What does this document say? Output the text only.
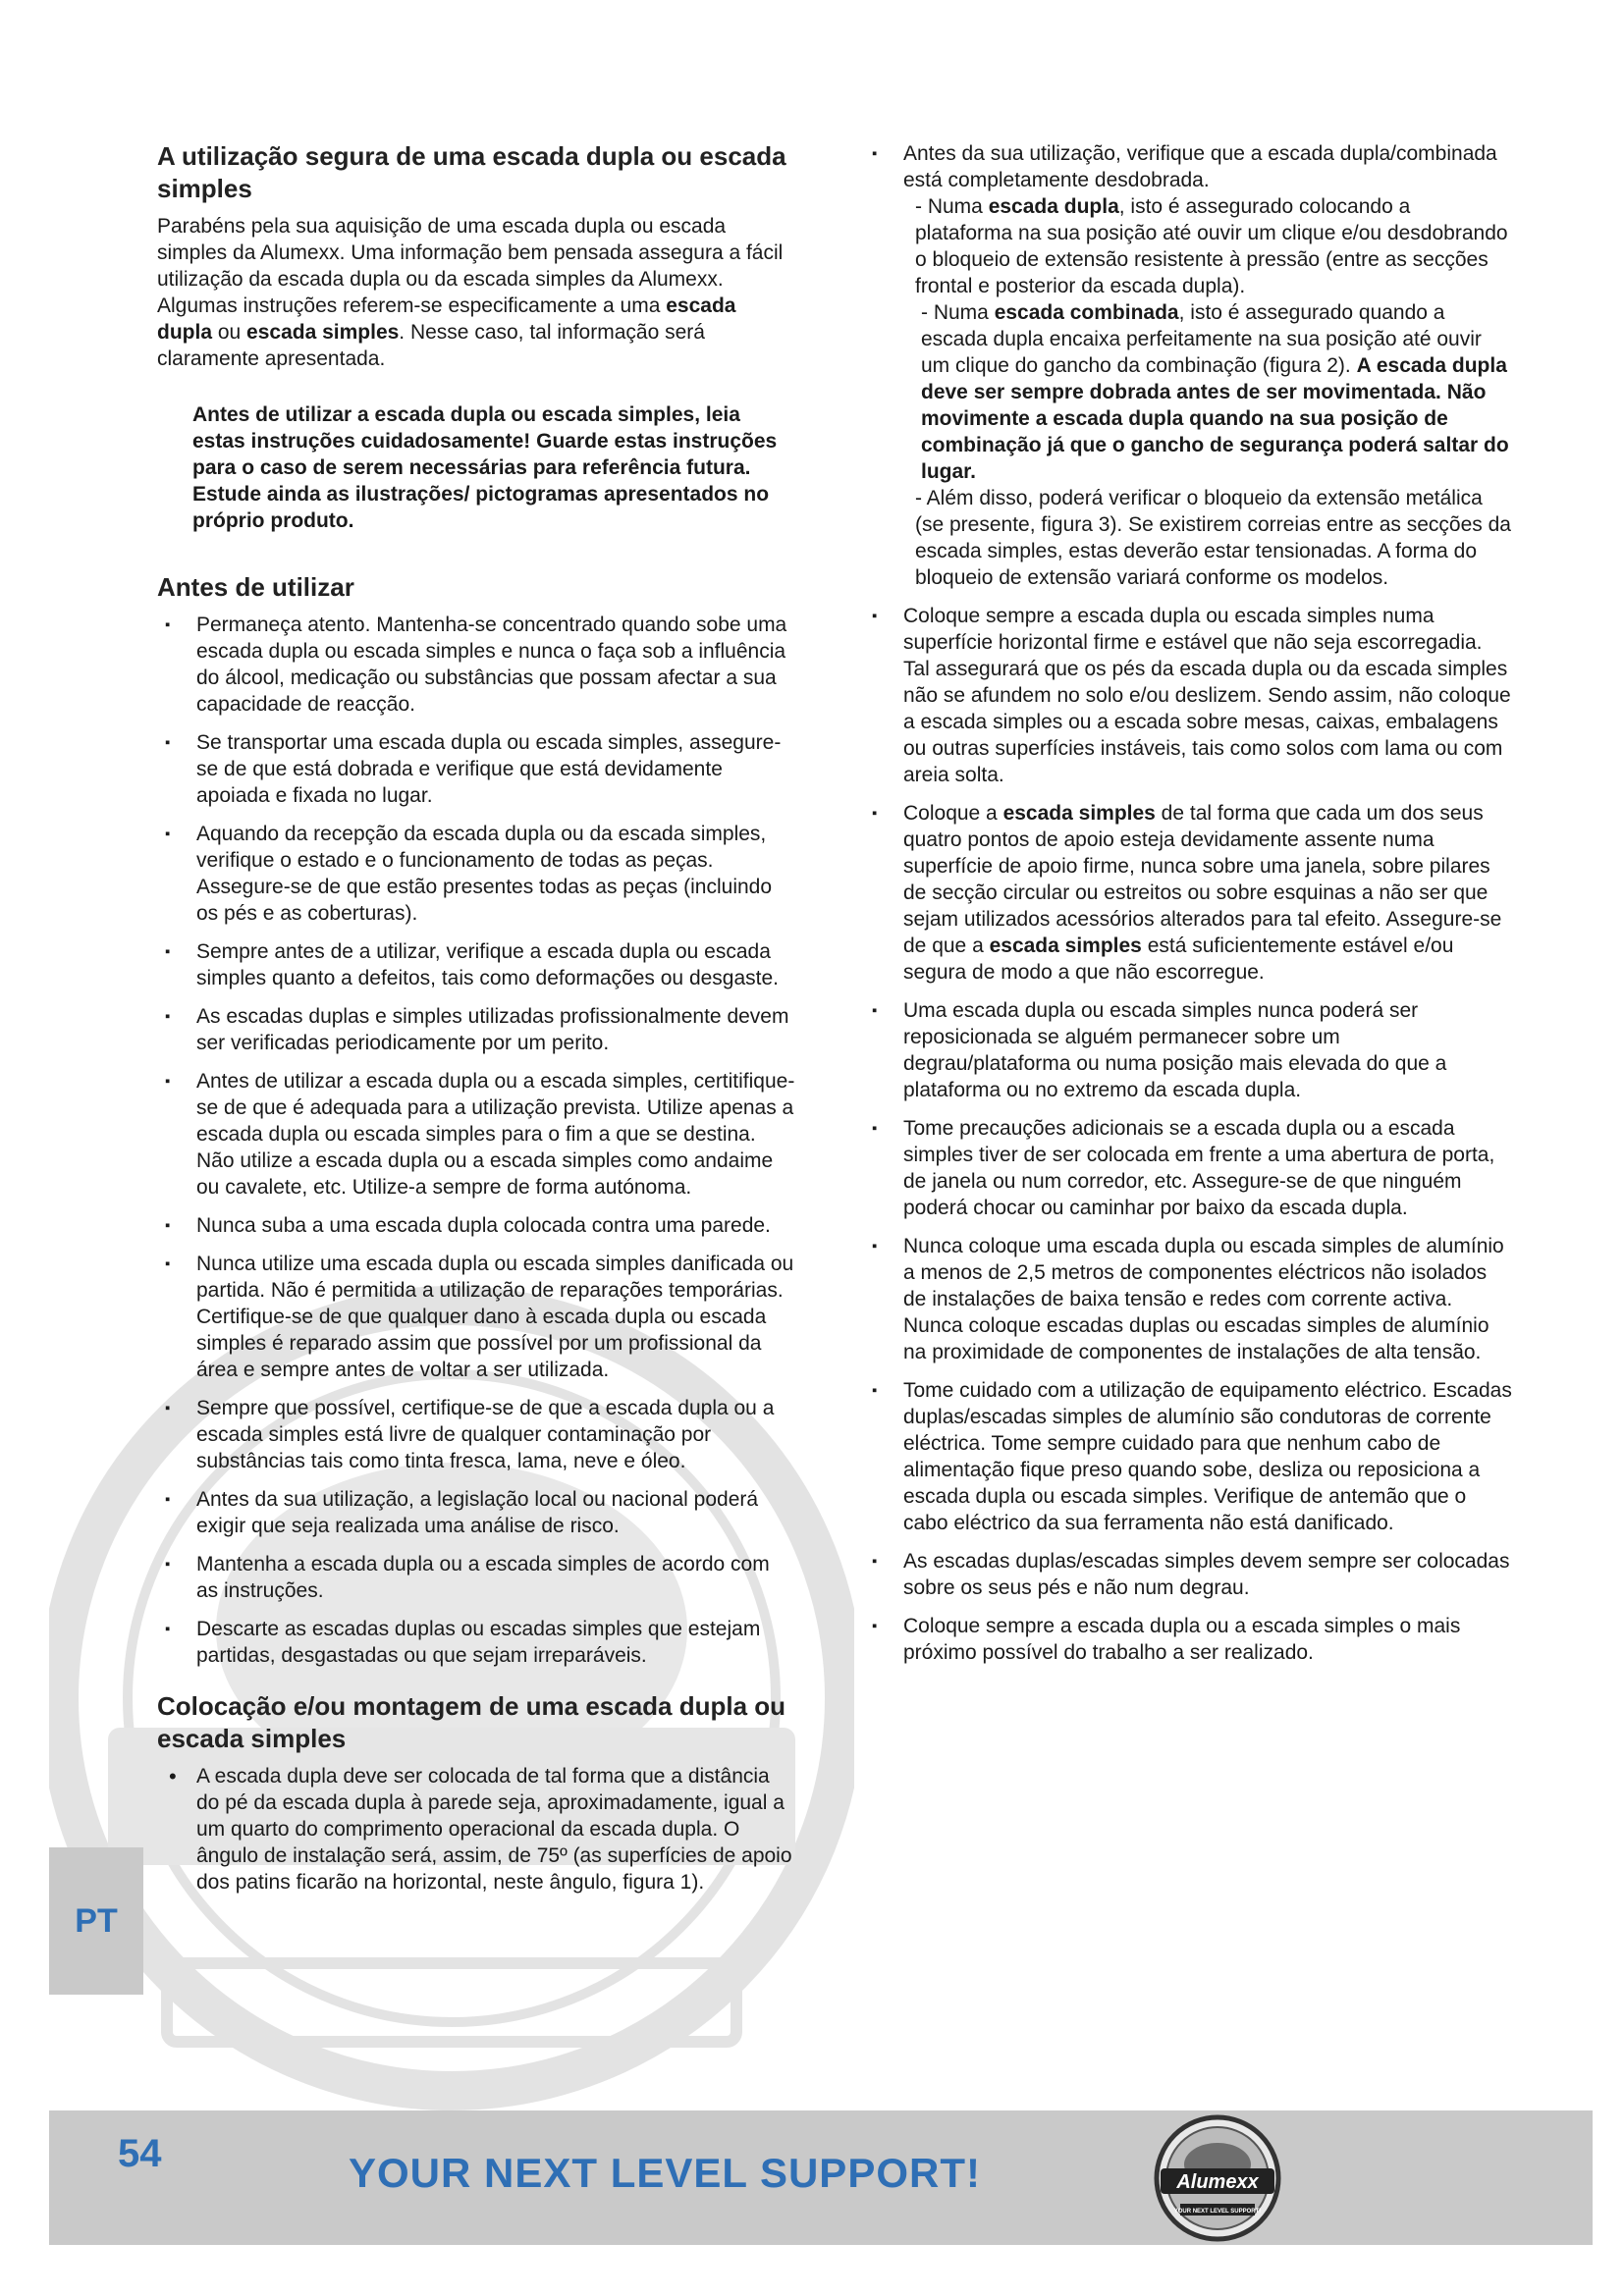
A utilização segura de uma escada dupla ou escada simples

Parabéns pela sua aquisição de uma escada dupla ou escada simples da Alumexx. Uma informação bem pensada assegura a fácil utilização da escada dupla ou da escada simples da Alumexx. Algumas instruções referem-se especificamente a uma escada dupla ou escada simples. Nesse caso, tal informação será claramente apresentada.

Antes de utilizar a escada dupla ou escada simples, leia estas instruções cuidadosamente! Guarde estas instruções para o caso de serem necessárias para referência futura. Estude ainda as ilustrações/ pictogramas apresentados no próprio produto.

Antes de utilizar
▪ Permaneça atento. Mantenha-se concentrado quando sobe uma escada dupla ou escada simples e nunca o faça sob a influência do álcool, medicação ou substâncias que possam afectar a sua capacidade de reacção.
▪ Se transportar uma escada dupla ou escada simples, assegure-se de que está dobrada e verifique que está devidamente apoiada e fixada no lugar.
▪ Aquando da recepção da escada dupla ou da escada simples, verifique o estado e o funcionamento de todas as peças. Assegure-se de que estão presentes todas as peças (incluindo os pés e as coberturas).
▪ Sempre antes de a utilizar, verifique a escada dupla ou escada simples quanto a defeitos, tais como deformações ou desgaste.
▪ As escadas duplas e simples utilizadas profissionalmente devem ser verificadas periodicamente por um perito.
▪ Antes de utilizar a escada dupla ou a escada simples, certitifique-se de que é adequada para a utilização prevista. Utilize apenas a escada dupla ou escada simples para o fim a que se destina. Não utilize a escada dupla ou a escada simples como andaime ou cavalete, etc. Utilize-a sempre de forma autónoma.
▪ Nunca suba a uma escada dupla colocada contra uma parede.
▪ Nunca utilize uma escada dupla ou escada simples danificada ou partida. Não é permitida a utilização de reparações temporárias. Certifique-se de que qualquer dano à escada dupla ou escada simples é reparado assim que possível por um profissional da área e sempre antes de voltar a ser utilizada.
▪ Sempre que possível, certifique-se de que a escada dupla ou a escada simples está livre de qualquer contaminação por substâncias tais como tinta fresca, lama, neve e óleo.
▪ Antes da sua utilização, a legislação local ou nacional poderá exigir que seja realizada uma análise de risco.
▪ Mantenha a escada dupla ou a escada simples de acordo com as instruções.
▪ Descarte as escadas duplas ou escadas simples que estejam partidas, desgastadas ou que sejam irreparáveis.
Colocação e/ou montagem de uma escada dupla ou escada simples
• A escada dupla deve ser colocada de tal forma que a distância do pé da escada dupla à parede seja, aproximadamente, igual a um quarto do comprimento operacional da escada dupla. O ângulo de instalação será, assim, de 75º (as superfícies de apoio dos patins ficarão na horizontal, neste ângulo, figura 1).
▪ Antes da sua utilização, verifique que a escada dupla/combinada está completamente desdobrada.

- Numa escada dupla, isto é assegurado colocando a plataforma na sua posição até ouvir um clique e/ou desdobrando o bloqueio de extensão resistente à pressão (entre as secções frontal e posterior da escada dupla).

- Numa escada combinada, isto é assegurado quando a escada dupla encaixa perfeitamente na sua posição até ouvir um clique do gancho da combinação (figura 2). A escada dupla deve ser sempre dobrada antes de ser movimentada. Não movimente a escada dupla quando na sua posição de combinação já que o gancho de segurança poderá saltar do lugar.

- Além disso, poderá verificar o bloqueio da extensão metálica (se presente, figura 3). Se existirem correias entre as secções da escada simples, estas deverão estar tensionadas. A forma do bloqueio de extensão variará conforme os modelos.

▪ Coloque sempre a escada dupla ou escada simples numa superfície horizontal firme e estável que não seja escorregadia. Tal assegurará que os pés da escada dupla ou da escada simples não se afundem no solo e/ou deslizem. Sendo assim, não coloque a escada simples ou a escada sobre mesas, caixas, embalagens ou outras superfícies instáveis, tais como solos com lama ou com areia solta.
▪ Coloque a escada simples de tal forma que cada um dos seus quatro pontos de apoio esteja devidamente assente numa superfície de apoio firme, nunca sobre uma janela, sobre pilares de secção circular ou estreitos ou sobre esquinas a não ser que sejam utilizados acessórios alterados para tal efeito. Assegure-se de que a escada simples está suficientemente estável e/ou segura de modo a que não escorregue.
▪ Uma escada dupla ou escada simples nunca poderá ser reposicionada se alguém permanecer sobre um degrau/plataforma ou numa posição mais elevada do que a plataforma ou no extremo da escada dupla.
▪ Tome precauções adicionais se a escada dupla ou a escada simples tiver de ser colocada em frente a uma abertura de porta, de janela ou num corredor, etc. Assegure-se de que ninguém poderá chocar ou caminhar por baixo da escada dupla.
▪ Nunca coloque uma escada dupla ou escada simples de alumínio a menos de 2,5 metros de componentes eléctricos não isolados de instalações de baixa tensão e redes com corrente activa. Nunca coloque escadas duplas ou escadas simples de alumínio na proximidade de componentes de instalações de alta tensão.
▪ Tome cuidado com a utilização de equipamento eléctrico. Escadas duplas/escadas simples de alumínio são condutoras de corrente eléctrica. Tome sempre cuidado para que nenhum cabo de alimentação fique preso quando sobe, desliza ou reposiciona a escada dupla ou escada simples. Verifique de antemão que o cabo eléctrico da sua ferramenta não está danificado.
▪ As escadas duplas/escadas simples devem sempre ser colocadas sobre os seus pés e não num degrau.
▪ Coloque sempre a escada dupla ou a escada simples o mais próximo possível do trabalho a ser realizado.
PT
54	YOUR NEXT LEVEL SUPPORT!	Alumexx
YOUR NEXT LEVEL SUPPORT!
